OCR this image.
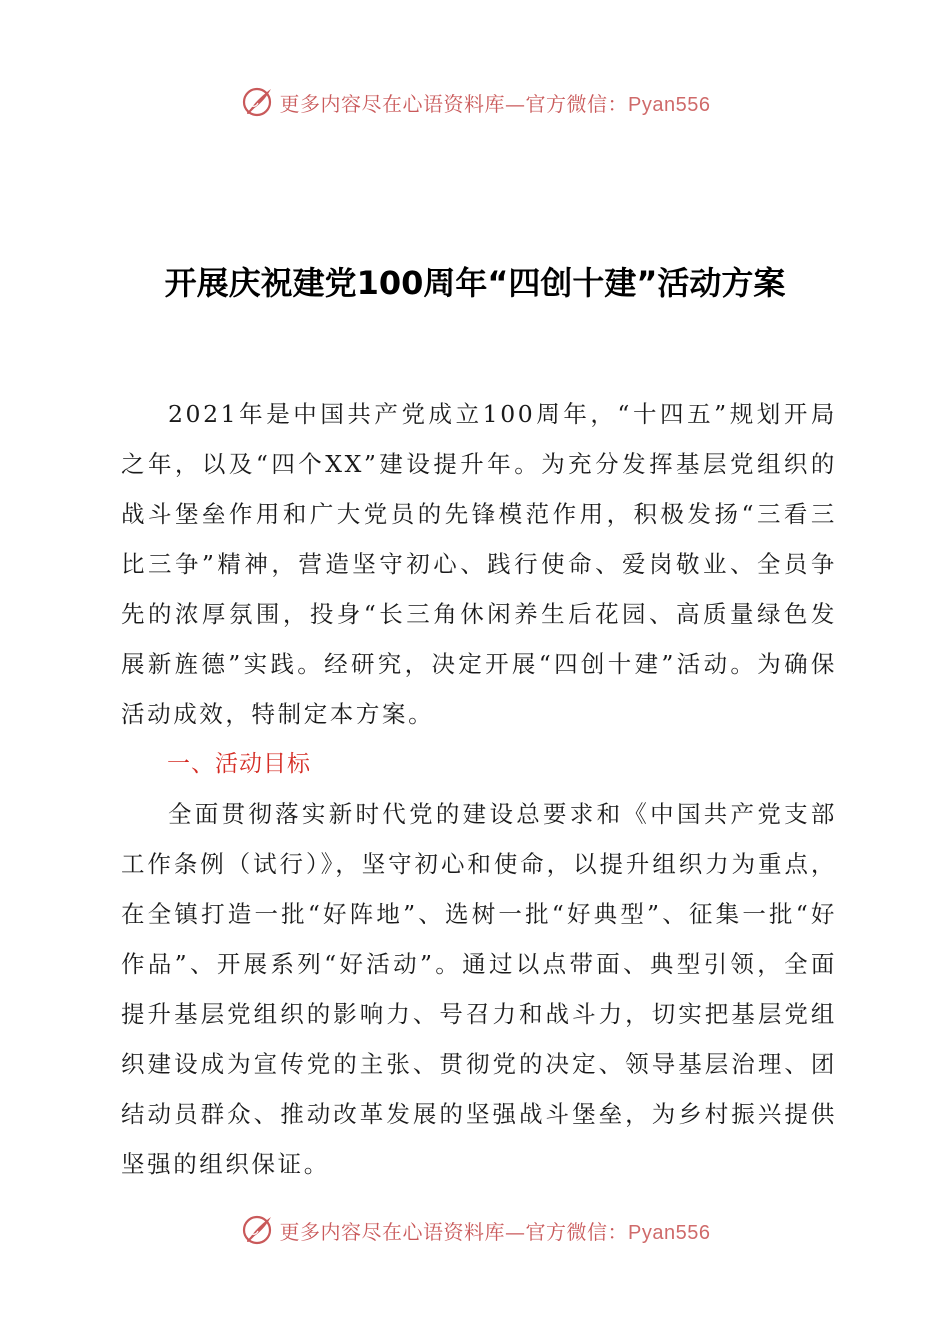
更多内容尽在心语资料库—官方微信：Pyan556
开展庆祝建党100周年“四创十建”活动方案

2021年是中国共产党成立100周年，“十四五”规划开局之年，以及“四个XX”建设提升年。为充分发挥基层党组织的战斗堡垒作用和广大党员的先锋模范作用，积极发扬“三看三比三争”精神，营造坚守初心、践行使命、爱岗敬业、全员争先的浓厚氛围，投身“长三角休闲养生后花园、高质量绿色发展新旌德”实践。经研究，决定开展“四创十建”活动。为确保活动成效，特制定本方案。

一、活动目标

全面贯彻落实新时代党的建设总要求和《中国共产党支部工作条例（试行）》，坚守初心和使命，以提升组织力为重点，在全镇打造一批“好阵地”、选树一批“好典型”、征集一批“好作品”、开展系列“好活动”。通过以点带面、典型引领，全面提升基层党组织的影响力、号召力和战斗力，切实把基层党组织建设成为宣传党的主张、贯彻党的决定、领导基层治理、团结动员群众、推动改革发展的坚强战斗堡垒，为乡村振兴提供坚强的组织保证。

更多内容尽在心语资料库—官方微信：Pyan556
